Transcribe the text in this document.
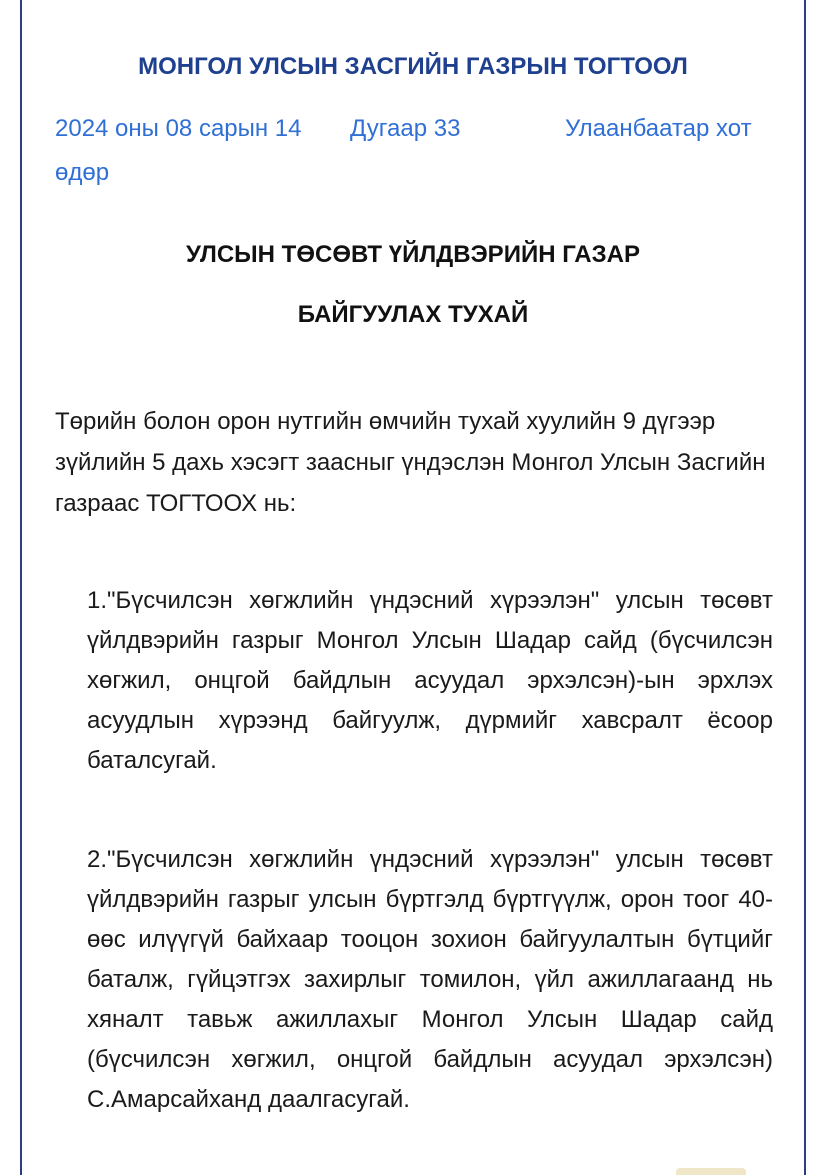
МОНГОЛ УЛСЫН ЗАСГИЙН ГАЗРЫН ТОГТООЛ
2024 оны 08 сарын 14 өдөр
Дугаар 33	Улаанбаатар хот
УЛСЫН ТӨСӨВТ ҮЙЛДВЭРИЙН ГАЗАР
БАЙГУУЛАХ ТУХАЙ

Төрийн болон орон нутгийн өмчийн тухай хуулийн 9 дүгээр зүйлийн 5 дахь хэсэгт заасныг үндэслэн Монгол Улсын Засгийн газраас ТОГТООХ нь:

1."Бүсчилсэн хөгжлийн үндэсний хүрээлэн" улсын төсөвт үйлдвэрийн газрыг Монгол Улсын Шадар сайд (бүсчилсэн хөгжил, онцгой байдлын асуудал эрхэлсэн)-ын эрхлэх асуудлын хүрээнд байгуулж, дүрмийг хавсралт ёсоор баталсугай.

2."Бүсчилсэн хөгжлийн үндэсний хүрээлэн" улсын төсөвт үйлдвэрийн газрыг улсын бүртгэлд бүртгүүлж, орон тоог 40-өөс илүүгүй байхаар тооцон зохион байгуулалтын бүтцийг баталж, гүйцэтгэх захирлыг томилон, үйл ажиллагаанд нь хяналт тавьж ажиллахыг Монгол Улсын Шадар сайд (бүсчилсэн хөгжил, онцгой байдлын асуудал эрхэлсэн) С.Амарсайханд даалгасугай.
